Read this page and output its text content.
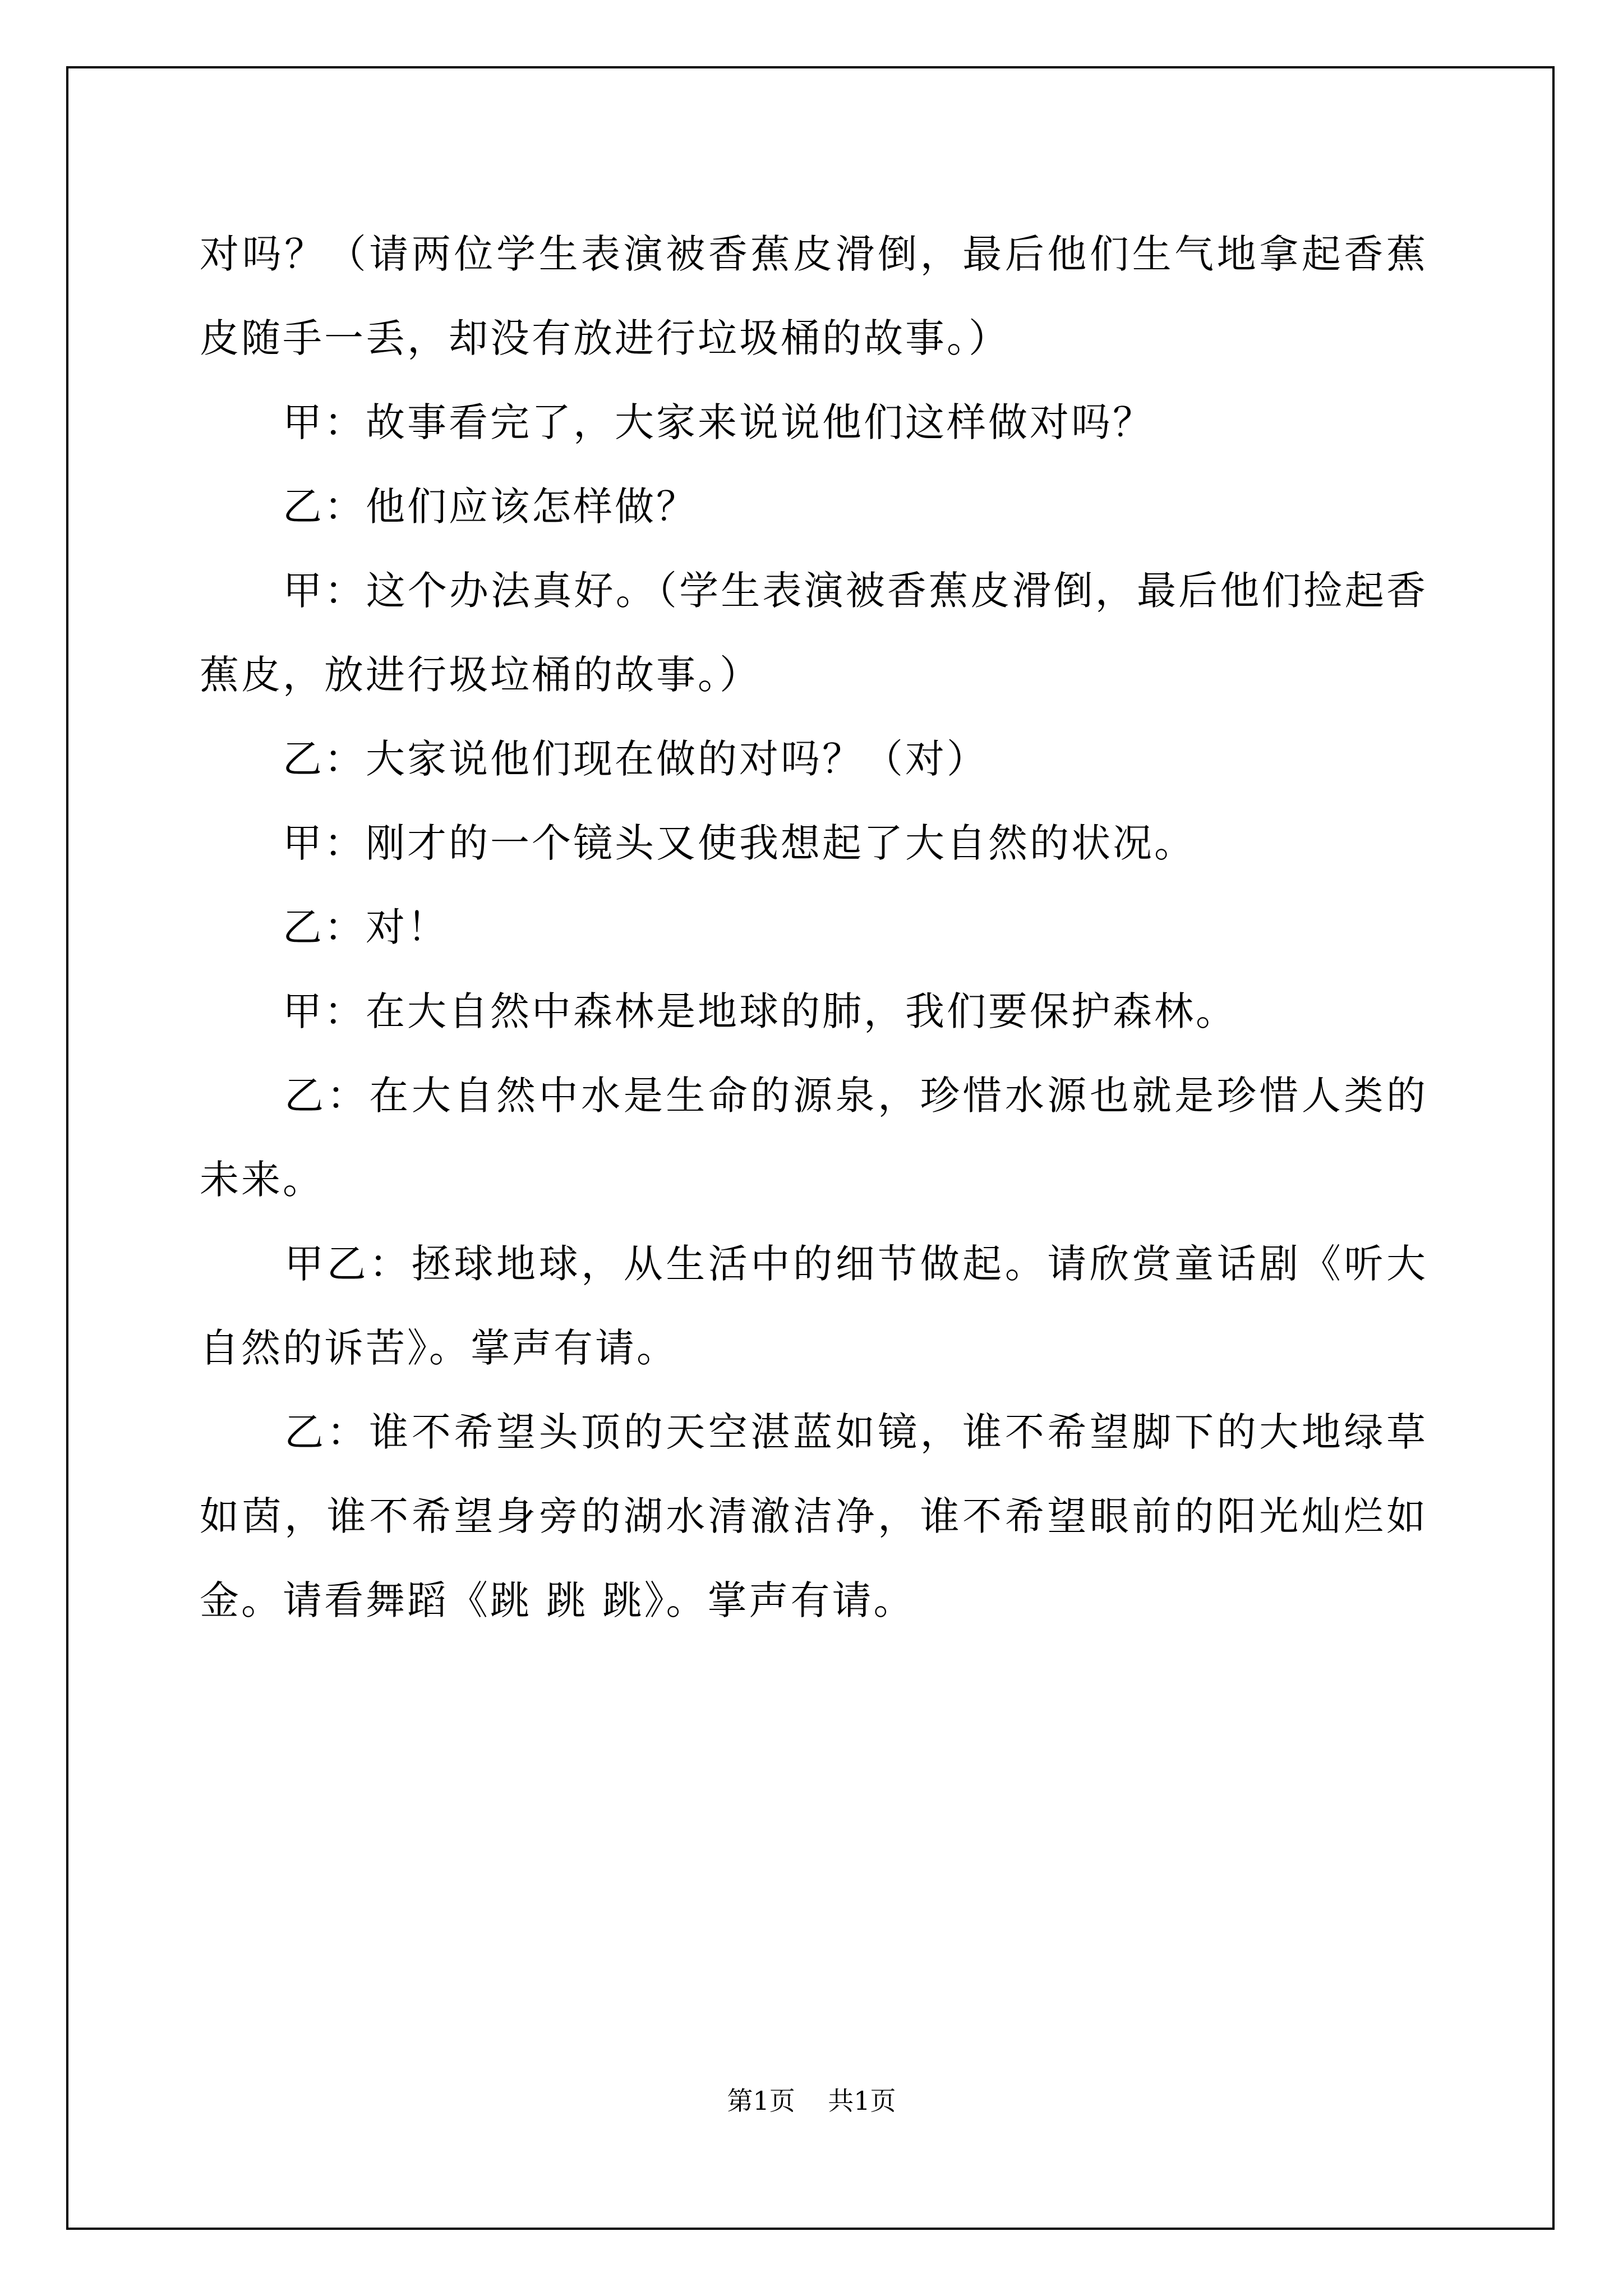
对吗？（请两位学生表演被香蕉皮滑倒，最后他们生气地拿起香蕉皮随手一丢，却没有放进行垃圾桶的故事。）

　　甲：故事看完了，大家来说说他们这样做对吗？

　　乙：他们应该怎样做？

　　甲：这个办法真好。（学生表演被香蕉皮滑倒，最后他们捡起香蕉皮，放进行圾垃桶的故事。）

　　乙：大家说他们现在做的对吗？（对）

　　甲：刚才的一个镜头又使我想起了大自然的状况。

　　乙：对！

　　甲：在大自然中森林是地球的肺，我们要保护森林。

　　乙：在大自然中水是生命的源泉，珍惜水源也就是珍惜人类的未来。

　　甲乙：拯球地球，从生活中的细节做起。请欣赏童话剧《听大自然的诉苦》。掌声有请。

　　乙：谁不希望头顶的天空湛蓝如镜，谁不希望脚下的大地绿草如茵，谁不希望身旁的湖水清澈洁净，谁不希望眼前的阳光灿烂如金。请看舞蹈《跳 跳 跳》。掌声有请。

第1页 共1页
